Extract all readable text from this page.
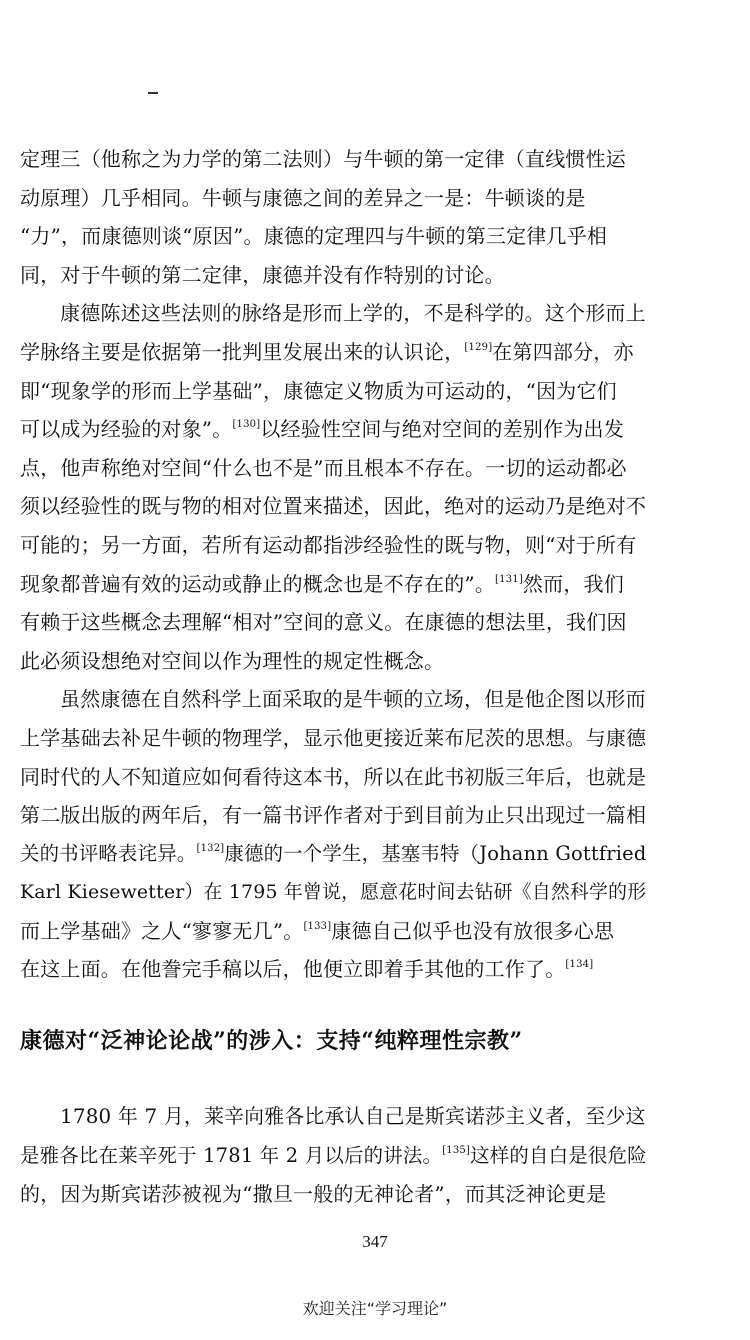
定理三（他称之为力学的第二法则）与牛顿的第一定律（直线惯性运
动原理）几乎相同。牛顿与康德之间的差异之一是：牛顿谈的是
“力”，而康德则谈“原因”。康德的定理四与牛顿的第三定律几乎相
同，对于牛顿的第二定律，康德并没有作特别的讨论。
康德陈述这些法则的脉络是形而上学的，不是科学的。这个形而上
学脉络主要是依据第一批判里发展出来的认识论，[129]在第四部分，亦
即“现象学的形而上学基础”，康德定义物质为可运动的，“因为它们
可以成为经验的对象”。[130]以经验性空间与绝对空间的差别作为出发
点，他声称绝对空间“什么也不是”而且根本不存在。一切的运动都必
须以经验性的既与物的相对位置来描述，因此，绝对的运动乃是绝对不
可能的；另一方面，若所有运动都指涉经验性的既与物，则“对于所有
现象都普遍有效的运动或静止的概念也是不存在的”。[131]然而，我们
有赖于这些概念去理解“相对”空间的意义。在康德的想法里，我们因
此必须设想绝对空间以作为理性的规定性概念。
虽然康德在自然科学上面采取的是牛顿的立场，但是他企图以形而
上学基础去补足牛顿的物理学，显示他更接近莱布尼茨的思想。与康德
同时代的人不知道应如何看待这本书，所以在此书初版三年后，也就是
第二版出版的两年后，有一篇书评作者对于到目前为止只出现过一篇相
关的书评略表诧异。[132]康德的一个学生，基塞韦特（Johann Gottfried
Karl Kiesewetter）在 1795 年曾说，愿意花时间去钻研《自然科学的形
而上学基础》之人“寥寥无几”。[133]康德自己似乎也没有放很多心思
在这上面。在他誊完手稿以后，他便立即着手其他的工作了。[134]
康德对“泛神论论战”的涉入：支持“纯粹理性宗教”
1780 年 7 月，莱辛向雅各比承认自己是斯宾诺莎主义者，至少这
是雅各比在莱辛死于 1781 年 2 月以后的讲法。[135]这样的自白是很危险
的，因为斯宾诺莎被视为“撒旦一般的无神论者”，而其泛神论更是
347
欢迎关注“学习理论”
